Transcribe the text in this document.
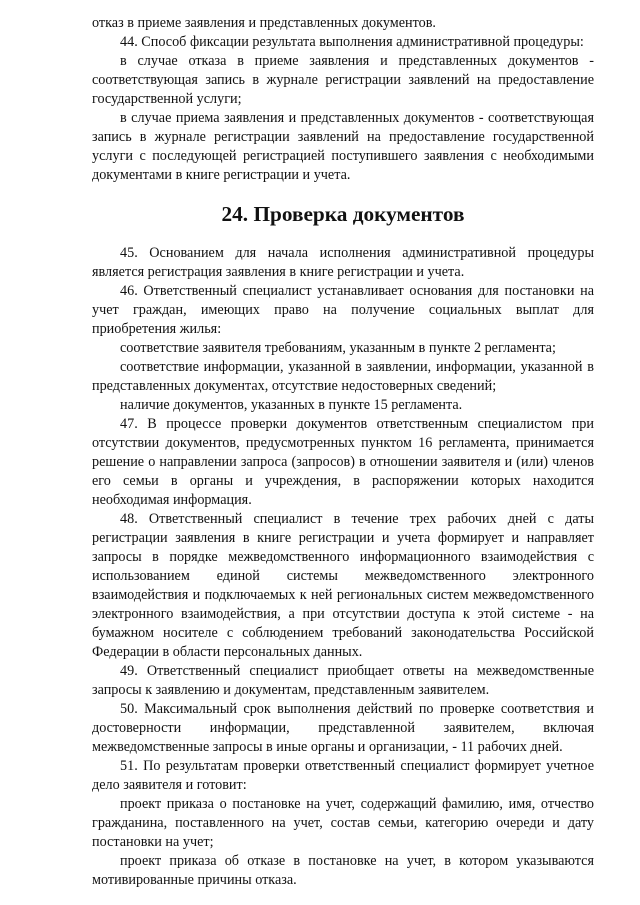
отказ в приеме заявления и представленных документов.

44. Способ фиксации результата выполнения административной процедуры:

в случае отказа в приеме заявления и представленных документов - соответствующая запись в журнале регистрации заявлений на предоставление государственной услуги;

в случае приема заявления и представленных документов - соответствующая запись в журнале регистрации заявлений на предоставление государственной услуги с последующей регистрацией поступившего заявления с необходимыми документами в книге регистрации и учета.

24. Проверка документов

45. Основанием для начала исполнения административной процедуры является регистрация заявления в книге регистрации и учета.

46. Ответственный специалист устанавливает основания для постановки на учет граждан, имеющих право на получение социальных выплат для приобретения жилья:

соответствие заявителя требованиям, указанным в пункте 2 регламента;

соответствие информации, указанной в заявлении, информации, указанной в представленных документах, отсутствие недостоверных сведений;

наличие документов, указанных в пункте 15 регламента.

47. В процессе проверки документов ответственным специалистом при отсутствии документов, предусмотренных пунктом 16 регламента, принимается решение о направлении запроса (запросов) в отношении заявителя и (или) членов его семьи в органы и учреждения, в распоряжении которых находится необходимая информация.

48. Ответственный специалист в течение трех рабочих дней с даты регистрации заявления в книге регистрации и учета формирует и направляет запросы в порядке межведомственного информационного взаимодействия с использованием единой системы межведомственного электронного взаимодействия и подключаемых к ней региональных систем межведомственного электронного взаимодействия, а при отсутствии доступа к этой системе - на бумажном носителе с соблюдением требований законодательства Российской Федерации в области персональных данных.

49. Ответственный специалист приобщает ответы на межведомственные запросы к заявлению и документам, представленным заявителем.

50. Максимальный срок выполнения действий по проверке соответствия и достоверности информации, представленной заявителем, включая межведомственные запросы в иные органы и организации, - 11 рабочих дней.

51. По результатам проверки ответственный специалист формирует учетное дело заявителя и готовит:

проект приказа о постановке на учет, содержащий фамилию, имя, отчество гражданина, поставленного на учет, состав семьи, категорию очереди и дату постановки на учет;

проект приказа об отказе в постановке на учет, в котором указываются мотивированные причины отказа.
